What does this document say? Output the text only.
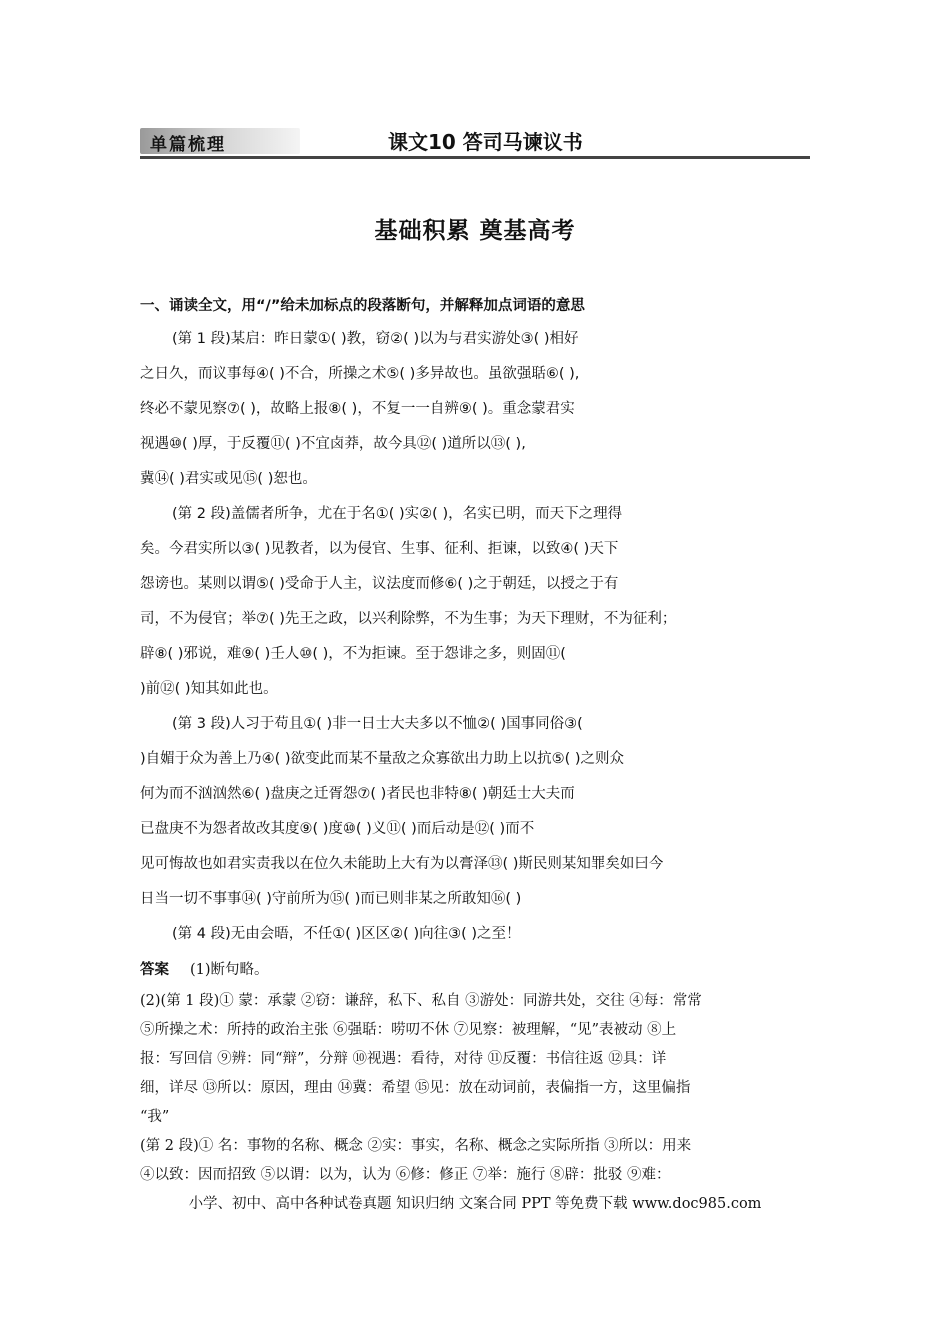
单篇梳理	课文10 答司马谏议书
基础积累 奠基高考
一、诵读全文，用“/”给未加标点的段落断句，并解释加点词语的意思
(第 1 段)某启：昨日蒙①( )教，窃②( )以为与君实游处③( )相好
之日久，而议事每④( )不合，所操之术⑤( )多异故也。虽欲强聒⑥( ),
终必不蒙见察⑦( )，故略上报⑧( )，不复一一自辨⑨( )。重念蒙君实
视遇⑩( )厚，于反覆⑪( )不宜卤莽，故今具⑫( )道所以⑬( ),
冀⑭( )君实或见⑮( )恕也。
(第 2 段)盖儒者所争，尤在于名①( )实②( )，名实已明，而天下之理得
矣。今君实所以③( )见教者，以为侵官、生事、征利、拒谏，以致④( )天下
怨谤也。某则以谓⑤( )受命于人主，议法度而修⑥( )之于朝廷，以授之于有
司，不为侵官；举⑦( )先王之政，以兴利除弊，不为生事；为天下理财，不为征利；
辟⑧( )邪说，难⑨( )壬人⑩( )，不为拒谏。至于怨诽之多，则固⑪(
)前⑫( )知其如此也。
(第 3 段)人习于苟且①( )非一日士大夫多以不恤②( )国事同俗③(
)自媚于众为善上乃④( )欲变此而某不量敌之众寡欲出力助上以抗⑤( )之则众
何为而不汹汹然⑥( )盘庚之迁胥怨⑦( )者民也非特⑧( )朝廷士大夫而
已盘庚不为怨者故改其度⑨( )度⑩( )义⑪( )而后动是⑫( )而不
见可悔故也如君实责我以在位久未能助上大有为以膏泽⑬( )斯民则某知罪矣如曰今
日当一切不事事⑭( )守前所为⑮( )而已则非某之所敢知⑯( )
(第 4 段)无由会晤，不任①( )区区②( )向往③( )之至！
答案	(1)断句略。
(2)(第 1 段)① 蒙：承蒙 ②窃：谦辞，私下、私自 ③游处：同游共处，交往 ④每：常常
⑤所操之术：所持的政治主张 ⑥强聒：唠叨不休 ⑦见察：被理解，“见”表被动 ⑧上
报：写回信 ⑨辨：同“辩”，分辩 ⑩视遇：看待，对待 ⑪反覆：书信往返 ⑫具：详
细，详尽 ⑬所以：原因，理由 ⑭冀：希望 ⑮见：放在动词前，表偏指一方，这里偏指
“我”
(第 2 段)① 名：事物的名称、概念 ②实：事实，名称、概念之实际所指 ③所以：用来
④以致：因而招致 ⑤以谓：以为，认为 ⑥修：修正 ⑦举：施行 ⑧辟：批驳 ⑨难：
小学、初中、高中各种试卷真题 知识归纳 文案合同 PPT 等免费下载 www.doc985.com
